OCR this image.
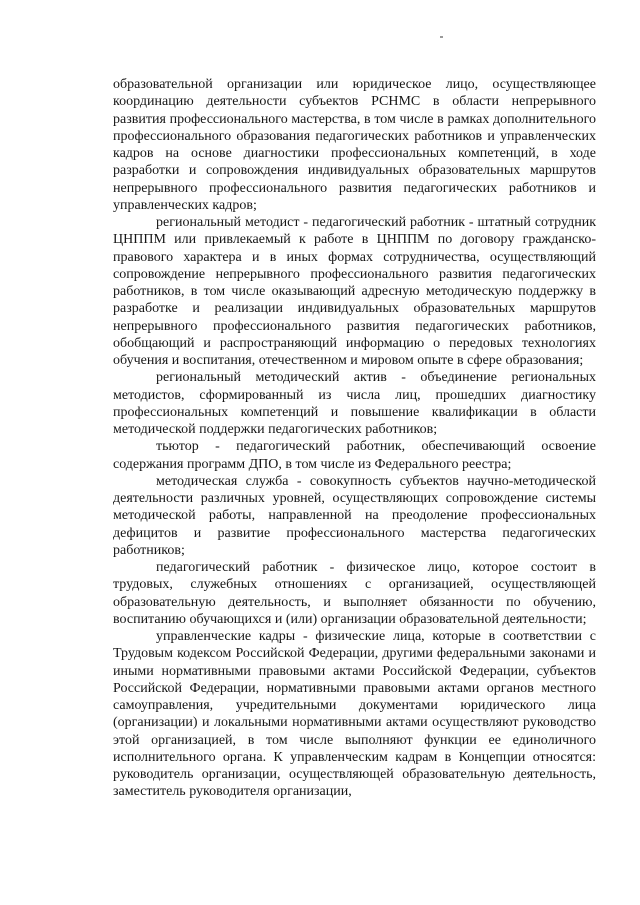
образовательной организации или юридическое лицо, осуществляющее координацию деятельности субъектов РСНМС в области непрерывного развития профессионального мастерства, в том числе в рамках дополнительного профессионального образования педагогических работников и управленческих кадров на основе диагностики профессиональных компетенций, в ходе разработки и сопровождения индивидуальных образовательных маршрутов непрерывного профессионального развития педагогических работников и управленческих кадров;

региональный методист - педагогический работник - штатный сотрудник ЦНППМ или привлекаемый к работе в ЦНППМ по договору гражданско-правового характера и в иных формах сотрудничества, осуществляющий сопровождение непрерывного профессионального развития педагогических работников, в том числе оказывающий адресную методическую поддержку в разработке и реализации индивидуальных образовательных маршрутов непрерывного профессионального развития педагогических работников, обобщающий и распространяющий информацию о передовых технологиях обучения и воспитания, отечественном и мировом опыте в сфере образования;

региональный методический актив - объединение региональных методистов, сформированный из числа лиц, прошедших диагностику профессиональных компетенций и повышение квалификации в области методической поддержки педагогических работников;

тьютор - педагогический работник, обеспечивающий освоение содержания программ ДПО, в том числе из Федерального реестра;

методическая служба - совокупность субъектов научно-методической деятельности различных уровней, осуществляющих сопровождение системы методической работы, направленной на преодоление профессиональных дефицитов и развитие профессионального мастерства педагогических работников;

педагогический работник - физическое лицо, которое состоит в трудовых, служебных отношениях с организацией, осуществляющей образовательную деятельность, и выполняет обязанности по обучению, воспитанию обучающихся и (или) организации образовательной деятельности;

управленческие кадры - физические лица, которые в соответствии с Трудовым кодексом Российской Федерации, другими федеральными законами и иными нормативными правовыми актами Российской Федерации, субъектов Российской Федерации, нормативными правовыми актами органов местного самоуправления, учредительными документами юридического лица (организации) и локальными нормативными актами осуществляют руководство этой организацией, в том числе выполняют функции ее единоличного исполнительного органа. К управленческим кадрам в Концепции относятся: руководитель организации, осуществляющей образовательную деятельность, заместитель руководителя организации,
